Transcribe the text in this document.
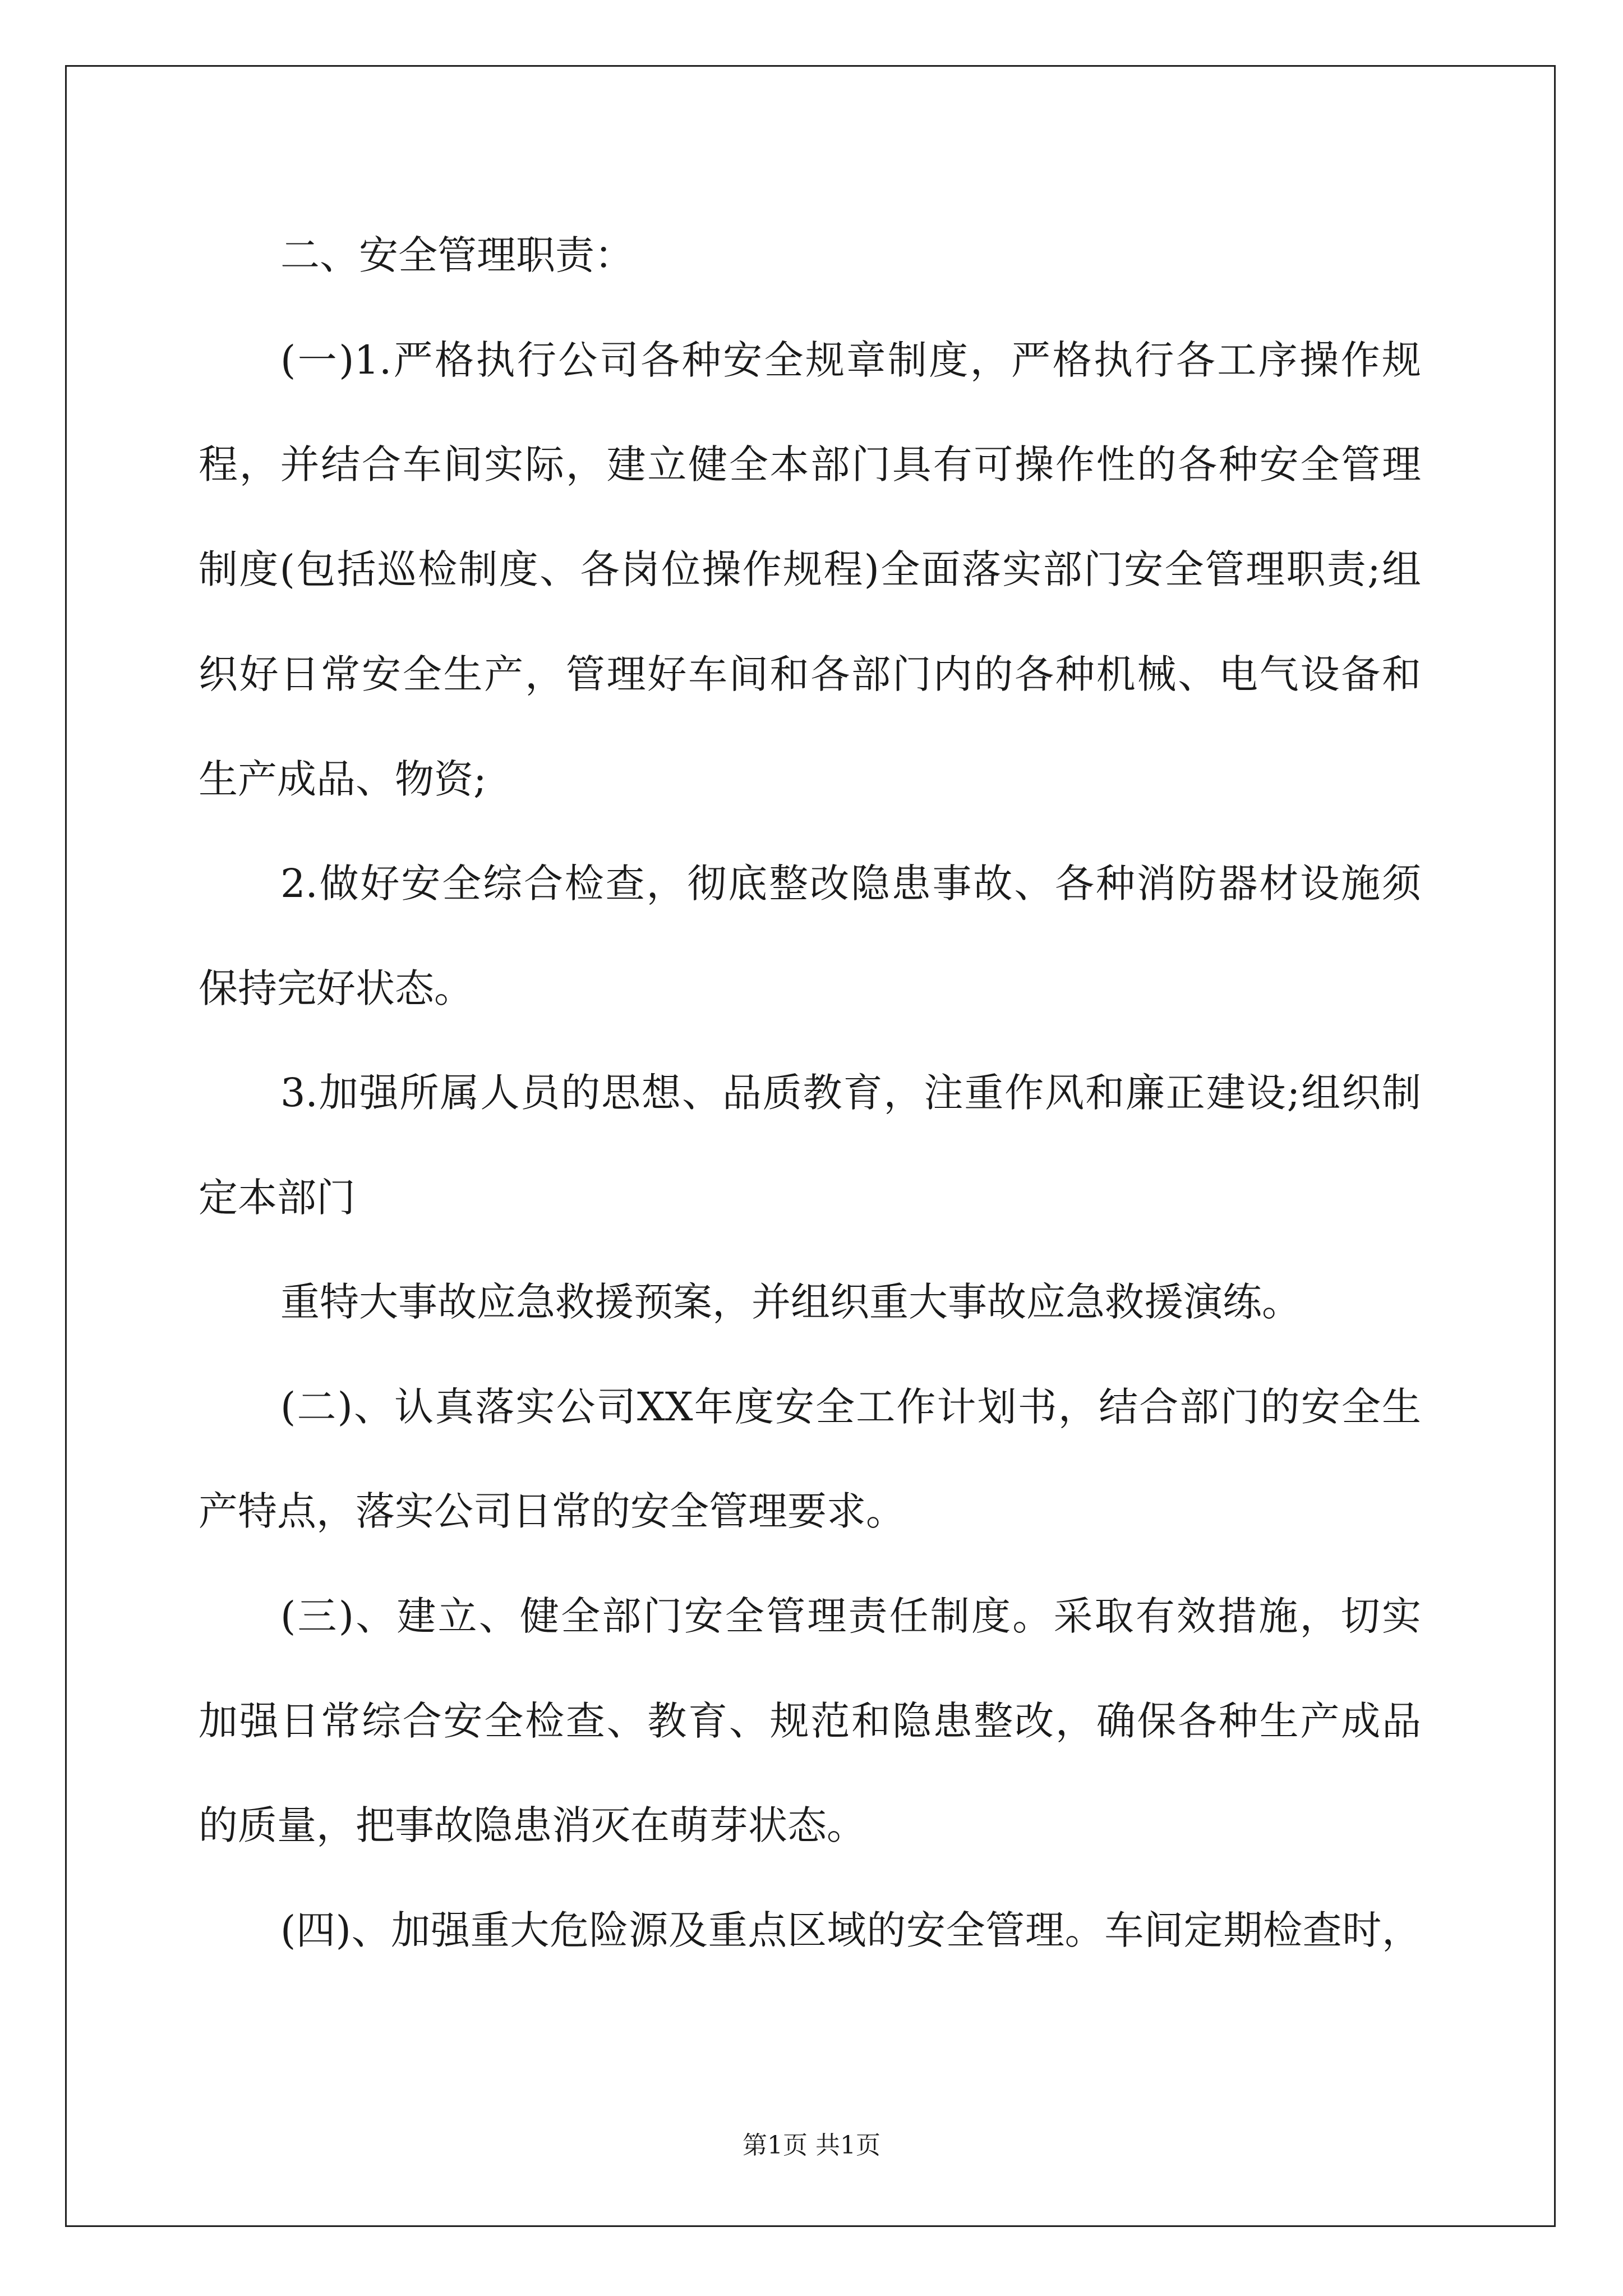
二、安全管理职责：

(一)1.严格执行公司各种安全规章制度，严格执行各工序操作规

程，并结合车间实际，建立健全本部门具有可操作性的各种安全管理

制度(包括巡检制度、各岗位操作规程)全面落实部门安全管理职责;组

织好日常安全生产，管理好车间和各部门内的各种机械、电气设备和

生产成品、物资;

2.做好安全综合检查，彻底整改隐患事故、各种消防器材设施须

保持完好状态。

3.加强所属人员的思想、品质教育，注重作风和廉正建设;组织制

定本部门

重特大事故应急救援预案，并组织重大事故应急救援演练。

(二)、认真落实公司XX年度安全工作计划书，结合部门的安全生

产特点，落实公司日常的安全管理要求。

(三)、建立、健全部门安全管理责任制度。采取有效措施，切实

加强日常综合安全检查、教育、规范和隐患整改，确保各种生产成品

的质量，把事故隐患消灭在萌芽状态。

(四)、加强重大危险源及重点区域的安全管理。车间定期检查时，

第1页 共1页
